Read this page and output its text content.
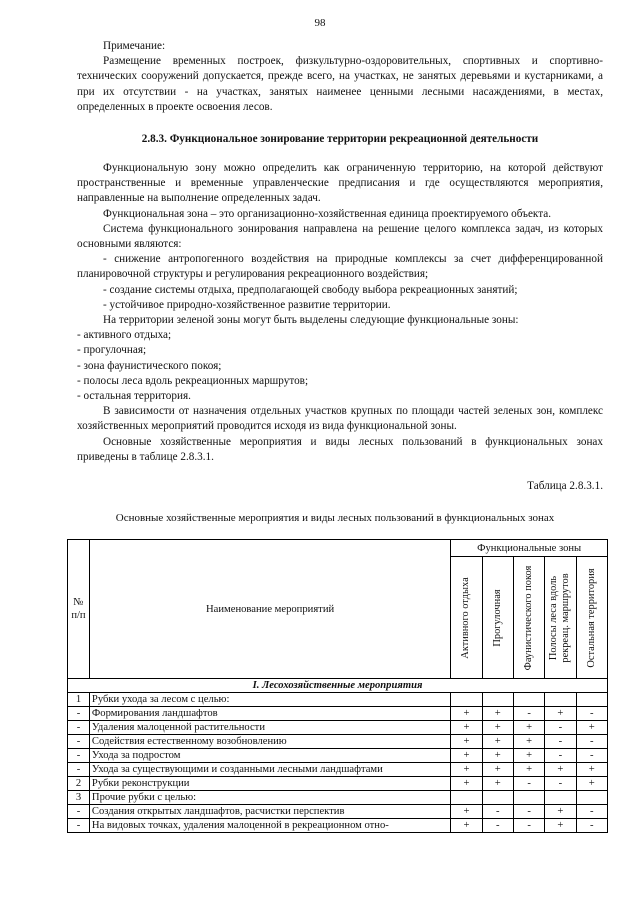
98

Примечание:

Размещение временных построек, физкультурно-оздоровительных, спортивных и спортивно-технических сооружений допускается, прежде всего, на участках, не занятых деревьями и кустарниками, а при их отсутствии - на участках, занятых наименее ценными лесными насаждениями, в местах, определенных в проекте освоения лесов.

2.8.3. Функциональное зонирование территории рекреационной деятельности

Функциональную зону можно определить как ограниченную территорию, на которой действуют пространственные и временные управленческие предписания и где осуществляются мероприятия, направленные на выполнение определенных задач.

Функциональная зона – это организационно-хозяйственная единица проектируемого объекта.

Система функционального зонирования направлена на решение целого комплекса задач, из которых основными являются:

- снижение антропогенного воздействия на природные комплексы за счет дифференцированной планировочной структуры и регулирования рекреационного воздействия;

- создание системы отдыха, предполагающей свободу выбора рекреационных занятий;

- устойчивое природно-хозяйственное развитие территории.

На территории зеленой зоны могут быть выделены следующие функциональные зоны:

- активного отдыха;

- прогулочная;

- зона фаунистического покоя;

- полосы леса вдоль рекреационных маршрутов;

- остальная территория.

В зависимости от назначения отдельных участков крупных по площади частей зеленых зон, комплекс хозяйственных мероприятий проводится исходя из вида функциональной зоны.

Основные хозяйственные мероприятия и виды лесных пользований в функциональных зонах приведены в таблице 2.8.3.1.

Таблица 2.8.3.1.
Основные хозяйственные мероприятия и виды лесных пользований в функциональных зонах
№ п/п	Наименование мероприятий	Функциональные зоны				

		Активного отдыха	Прогулочная	Фаунистического покоя	Полосы леса вдоль рекреац. маршрутов	Остальная территория

I. Лесохозяйственные мероприятия						
1	Рубки ухода за лесом с целью:					
-	Формирования ландшафтов	+	+	-	+	-
-	Удаления малоценной растительности	+	+	+	-	+
-	Содействия естественному возобновлению	+	+	+	-	-
-	Ухода за подростом	+	+	+	-	-
-	Ухода за существующими и созданными лесными ландшафтами	+	+	+	+	+
2	Рубки реконструкции	+	+	-	-	+
3	Прочие рубки с целью:					
-	Создания открытых ландшафтов, расчистки перспектив	+	-	-	+	-
-	На видовых точках, удаления малоценной в рекреационном отно-	+	-	-	+	-
